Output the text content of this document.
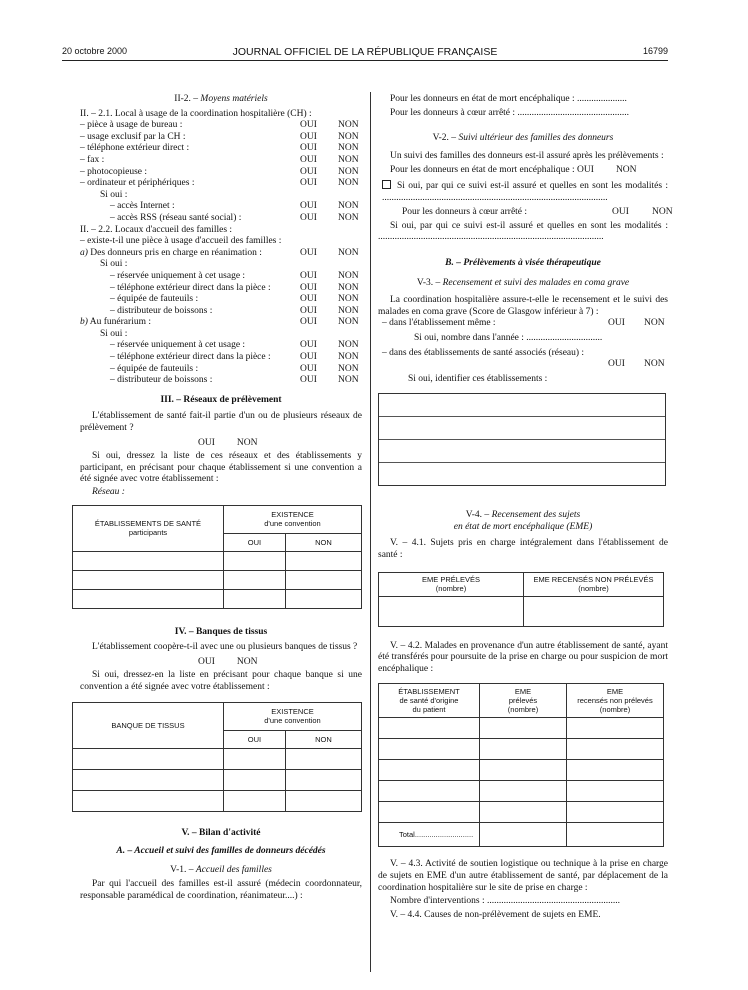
20 octobre 2000	JOURNAL OFFICIEL DE LA RÉPUBLIQUE FRANÇAISE	16799
II-2. – Moyens matériels
II. – 2.1. Local à usage de la coordination hospitalière (CH) :
– pièce à usage de bureau :	OUI NON
– usage exclusif par la CH :	OUI NON
– téléphone extérieur direct :	OUI NON
– fax :	OUI NON
– photocopieuse :	OUI NON
– ordinateur et périphériques :	OUI NON
Si oui :
– accès Internet :	OUI NON
– accès RSS (réseau santé social) :	OUI NON
II. – 2.2. Locaux d'accueil des familles :
– existe-t-il une pièce à usage d'accueil des familles :
a) Des donneurs pris en charge en réanimation :	OUI NON
Si oui :
– réservée uniquement à cet usage :	OUI NON
– téléphone extérieur direct dans la pièce :	OUI NON
– équipée de fauteuils :	OUI NON
– distributeur de boissons :	OUI NON
b) Au funérarium :	OUI NON
Si oui :
– réservée uniquement à cet usage :	OUI NON
– téléphone extérieur direct dans la pièce :	OUI NON
– équipée de fauteuils :	OUI NON
– distributeur de boissons :	OUI NON
III. – Réseaux de prélèvement
L'établissement de santé fait-il partie d'un ou de plusieurs réseaux de prélèvement ?
OUI NON
Si oui, dressez la liste de ces réseaux et des établissements y participant, en précisant pour chaque établissement si une convention a été signée avec votre établissement :
Réseau :
ÉTABLISSEMENTS DE SANTÉ
participants	EXISTENCE
d'une convention	
	OUI	NON

IV. – Banques de tissus
L'établissement coopère-t-il avec une ou plusieurs banques de tissus ?
OUI NON
Si oui, dressez-en la liste en précisant pour chaque banque si une convention a été signée avec votre établissement :
BANQUE DE TISSUS	EXISTENCE
d'une convention	
	OUI	NON

V. – Bilan d'activité
A. – Accueil et suivi des familles de donneurs décédés
V-1. – Accueil des familles
Par qui l'accueil des familles est-il assuré (médecin coordonnateur, responsable paramédical de coordination, réanimateur....) :
Pour les donneurs en état de mort encéphalique : .....................
Pour les donneurs à cœur arrêté : ...............................................
V-2. – Suivi ultérieur des familles des donneurs
Un suivi des familles des donneurs est-il assuré après les prélèvements :
Pour les donneurs en état de mort encéphalique : OUI NON
Si oui, par qui ce suivi est-il assuré et quelles en sont les modalités : ...............................................................................................
Pour les donneurs à cœur arrêté :	OUI	NON
Si oui, par qui ce suivi est-il assuré et quelles en sont les modalités : ...............................................................................................
B. – Prélèvements à visée thérapeutique
V-3. – Recensement et suivi des malades en coma grave
La coordination hospitalière assure-t-elle le recensement et le suivi des malades en coma grave (Score de Glasgow inférieur à 7) :
– dans l'établissement même :	OUI NON
Si oui, nombre dans l'année : ................................
– dans des établissements de santé associés (réseau) :
OUI NON
Si oui, identifier ces établissements :
V-4. – Recensement des sujets
en état de mort encéphalique (EME)
V. – 4.1. Sujets pris en charge intégralement dans l'établissement de santé :
EME PRÉLEVÉS
(nombre)	EME RECENSÉS NON PRÉLEVÉS
(nombre)

V. – 4.2. Malades en provenance d'un autre établissement de santé, ayant été transférés pour poursuite de la prise en charge ou pour suspicion de mort encéphalique :
ÉTABLISSEMENT
de santé d'origine
du patient	EME
prélevés
(nombre)	EME
recensés non prélevés
(nombre)

Total............................		
V. – 4.3. Activité de soutien logistique ou technique à la prise en charge de sujets en EME d'un autre établissement de santé, par déplacement de la coordination hospitalière sur le site de prise en charge :
Nombre d'interventions : ........................................................
V. – 4.4. Causes de non-prélèvement de sujets en EME.
